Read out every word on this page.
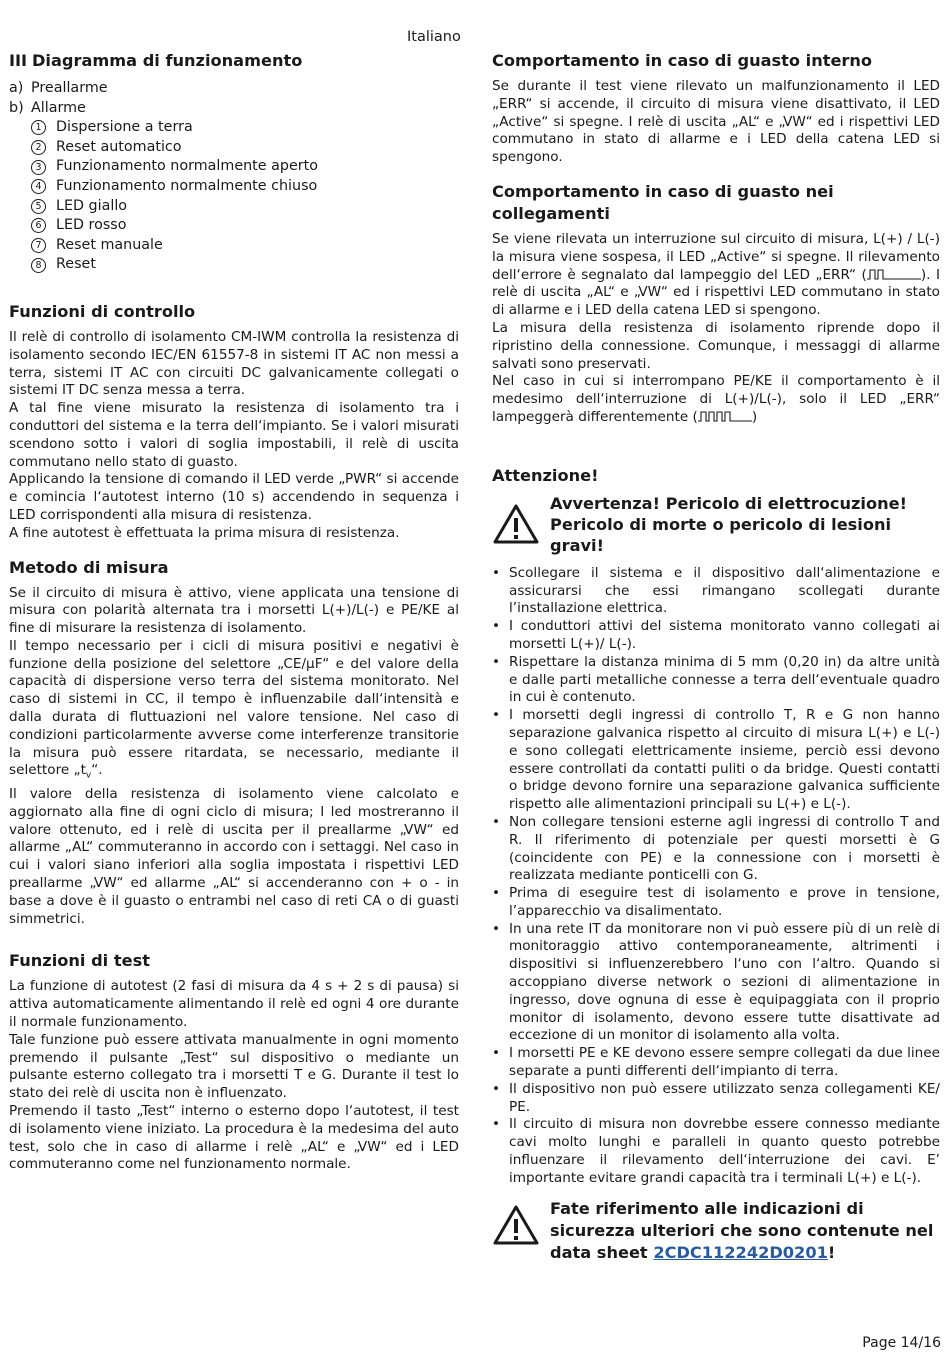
Italiano
III Diagramma di funzionamento
a) Preallarme
b) Allarme
1	Dispersione a terra
2	Reset automatico
3	Funzionamento normalmente aperto
4	Funzionamento normalmente chiuso
5	LED giallo
6	LED rosso
7	Reset manuale
8	Reset
Funzioni di controllo

Il relè di controllo di isolamento CM-IWM controlla la resistenza di isolamento secondo IEC/EN 61557-8 in sistemi IT AC non messi a terra, sistemi IT AC con circuiti DC galvanicamente collegati o sistemi IT DC senza messa a terra.

A tal fine viene misurato la resistenza di isolamento tra i conduttori del sistema e la terra dell‘impianto. Se i valori misurati scendono sotto i valori di soglia impostabili, il relè di uscita commutano nello stato di guasto.

Applicando la tensione di comando il LED verde „PWR“ si accende e comincia l‘autotest interno (10 s) accendendo in sequenza i LED corrispondenti alla misura di resistenza.

A fine autotest è effettuata la prima misura di resistenza.

Metodo di misura

Se il circuito di misura è attivo, viene applicata una tensione di misura con polarità alternata tra i morsetti L(+)/L(-) e PE/KE al fine di misurare la resistenza di isolamento.

Il tempo necessario per i cicli di misura positivi e negativi è funzione della posizione del selettore „CE/µF“ e del valore della capacità di dispersione verso terra del sistema monitorato. Nel caso di sistemi in CC, il tempo è influenzabile dall‘intensità e dalla durata di fluttuazioni nel valore tensione. Nel caso di condizioni particolarmente avverse come interferenze transitorie la misura può essere ritardata, se necessario, mediante il selettore $„t_v“$.

Il valore della resistenza di isolamento viene calcolato e aggiornato alla fine di ogni ciclo di misura; I led mostreranno il valore ottenuto, ed i relè di uscita per il preallarme „VW“ ed allarme „AL“ commuteranno in accordo con i settaggi. Nel caso in cui i valori siano inferiori alla soglia impostata i rispettivi LED preallarme „VW“ ed allarme „AL“ si accenderanno con + o - in base a dove è il guasto o entrambi nel caso di reti CA o di guasti simmetrici.

Funzioni di test

La funzione di autotest (2 fasi di misura da 4 s + 2 s di pausa) si attiva automaticamente alimentando il relè ed ogni 4 ore durante il normale funzionamento.

Tale funzione può essere attivata manualmente in ogni momento premendo il pulsante „Test“ sul dispositivo o mediante un pulsante esterno collegato tra i morsetti T e G. Durante il test lo stato dei relè di uscita non è influenzato.

Premendo il tasto „Test“ interno o esterno dopo l‘autotest, il test di isolamento viene iniziato. La procedura è la medesima del auto test, solo che in caso di allarme i relè „AL“ e „VW“ ed i LED commuteranno come nel funzionamento normale.

Comportamento in caso di guasto interno

Se durante il test viene rilevato un malfunzionamento il LED „ERR“ si accende, il circuito di misura viene disattivato, il LED „Active“ si spegne. I relè di uscita „AL“ e „VW“ ed i rispettivi LED commutano in stato di allarme e i LED della catena LED si spengono.

Comportamento in caso di guasto nei collegamenti

Se viene rilevata un interruzione sul circuito di misura, L(+) / L(-) la misura viene sospesa, il LED „Active“ si spegne. Il rilevamento dell‘errore è segnalato dal lampeggio del LED „ERR“ (	). I relè di uscita „AL“ e „VW“ ed i rispettivi LED commutano in stato di allarme e i LED della catena LED si spengono.

La misura della resistenza di isolamento riprende dopo il ripristino della connessione. Comunque, i messaggi di allarme salvati sono preservati.

Nel caso in cui si interrompano PE/KE il comportamento è il medesimo dell‘interruzione di L(+)/L(-), solo il LED „ERR“ lampeggerà differentemente (	)

Attenzione!
Avvertenza! Pericolo di elettrocuzione!
Pericolo di morte o pericolo di lesioni gravi!
• Scollegare il sistema e il dispositivo dall‘alimentazione e assicurarsi che essi rimangano scollegati durante l’installazione elettrica.
• I conduttori attivi del sistema monitorato vanno collegati ai morsetti L(+)/ L(-).
• Rispettare la distanza minima di 5 mm (0,20 in) da altre unità e dalle parti metalliche connesse a terra dell‘eventuale quadro in cui è contenuto.
• I morsetti degli ingressi di controllo T, R e G non hanno separazione galvanica rispetto al circuito di misura L(+) e L(-) e sono collegati elettricamente insieme, perciò essi devono essere controllati da contatti puliti o da bridge. Questi contatti o bridge devono fornire una separazione galvanica sufficiente rispetto alle alimentazioni principali su L(+) e L(-).
• Non collegare tensioni esterne agli ingressi di controllo T and R. Il riferimento di potenziale per questi morsetti è G (coincidente con PE) e la connessione con i morsetti è realizzata mediante ponticelli con G.
• Prima di eseguire test di isolamento e prove in tensione, l’apparecchio va disalimentato.
• In una rete IT da monitorare non vi può essere più di un relè di monitoraggio attivo contemporaneamente, altrimenti i dispositivi si influenzerebbero l‘uno con l‘altro. Quando si accoppiano diverse network o sezioni di alimentazione in ingresso, dove ognuna di esse è equipaggiata con il proprio monitor di isolamento, devono essere tutte disattivate ad eccezione di un monitor di isolamento alla volta.
• I morsetti PE e KE devono essere sempre collegati da due linee separate a punti differenti dell‘impianto di terra.
• Il dispositivo non può essere utilizzato senza collegamenti KE/ PE.
• Il circuito di misura non dovrebbe essere connesso mediante cavi molto lunghi e paralleli in quanto questo potrebbe influenzare il rilevamento dell‘interruzione dei cavi. E’ importante evitare grandi capacità tra i terminali L(+) e L(-).
Fate riferimento alle indicazioni di sicurezza ulteriori che sono contenute nel data sheet 2CDC112242D0201!
Page 14/16
